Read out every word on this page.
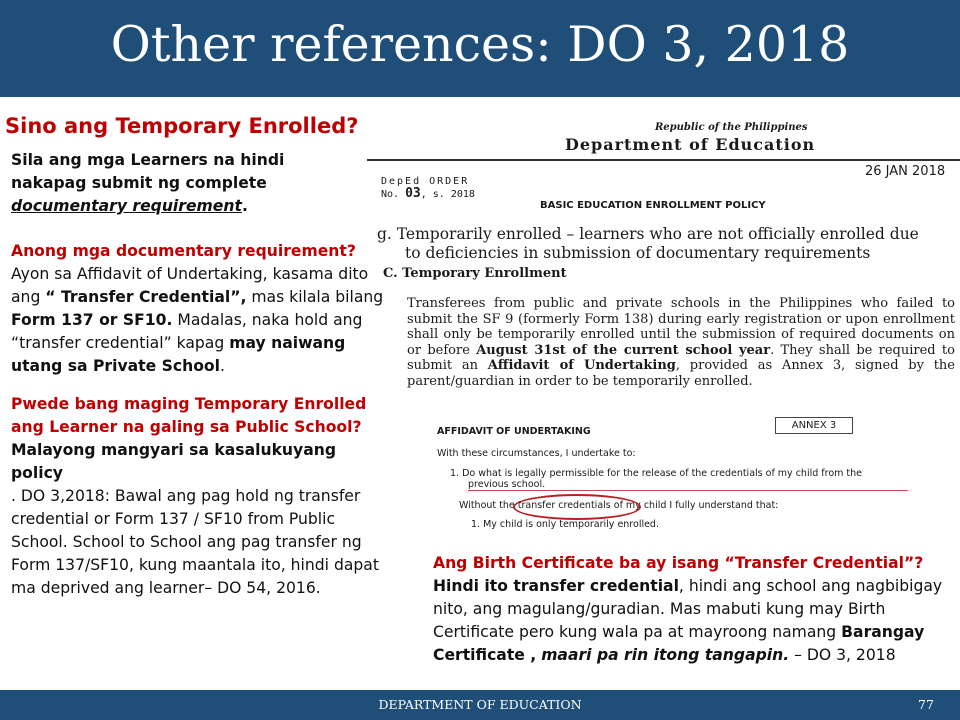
Other references: DO 3, 2018
Sino ang Temporary Enrolled?

Sila ang mga Learners na hindi nakapag submit ng complete documentary requirement.

Anong mga documentary requirement?

Ayon sa Affidavit of Undertaking, kasama dito ang “ Transfer Credential”, mas kilala bilang Form 137 or SF10. Madalas, naka hold ang “transfer credential” kapag may naiwang utang sa Private School.

Pwede bang maging Temporary Enrolled ang Learner na galing sa Public School? Malayong mangyari sa kasalukuyang policy

. DO 3,2018: Bawal ang pag hold ng transfer credential or Form 137 / SF10 from Public School. School to School ang pag transfer ng Form 137/SF10, kung maantala ito, hindi dapat ma deprived ang learner– DO 54, 2016.

Republic of the Philippines
Department of Education
26 JAN 2018
DepEd ORDER
No. 03, s. 2018
BASIC EDUCATION ENROLLMENT POLICY
g. Temporarily enrolled – learners who are not officially enrolled due
to deficiencies in submission of documentary requirements
C. Temporary Enrollment
Transferees from public and private schools in the Philippines who failed to submit the SF 9 (formerly Form 138) during early registration or upon enrollment shall only be temporarily enrolled until the submission of required documents on or before August 31st of the current school year. They shall be required to submit an Affidavit of Undertaking, provided as Annex 3, signed by the parent/guardian in order to be temporarily enrolled.
ANNEX 3
AFFIDAVIT OF UNDERTAKING
With these circumstances, I undertake to:
1. Do what is legally permissible for the release of the credentials of my child from the
previous school.
Without the transfer credentials of my child I fully understand that:
1. My child is only temporarily enrolled.
Ang Birth Certificate ba ay isang “Transfer Credential”? Hindi ito transfer credential, hindi ang school ang nagbibigay nito, ang magulang/guradian. Mas mabuti kung may Birth Certificate pero kung wala pa at mayroong namang Barangay Certificate , maari pa rin itong tangapin. – DO 3, 2018
DEPARTMENT OF EDUCATION	77
